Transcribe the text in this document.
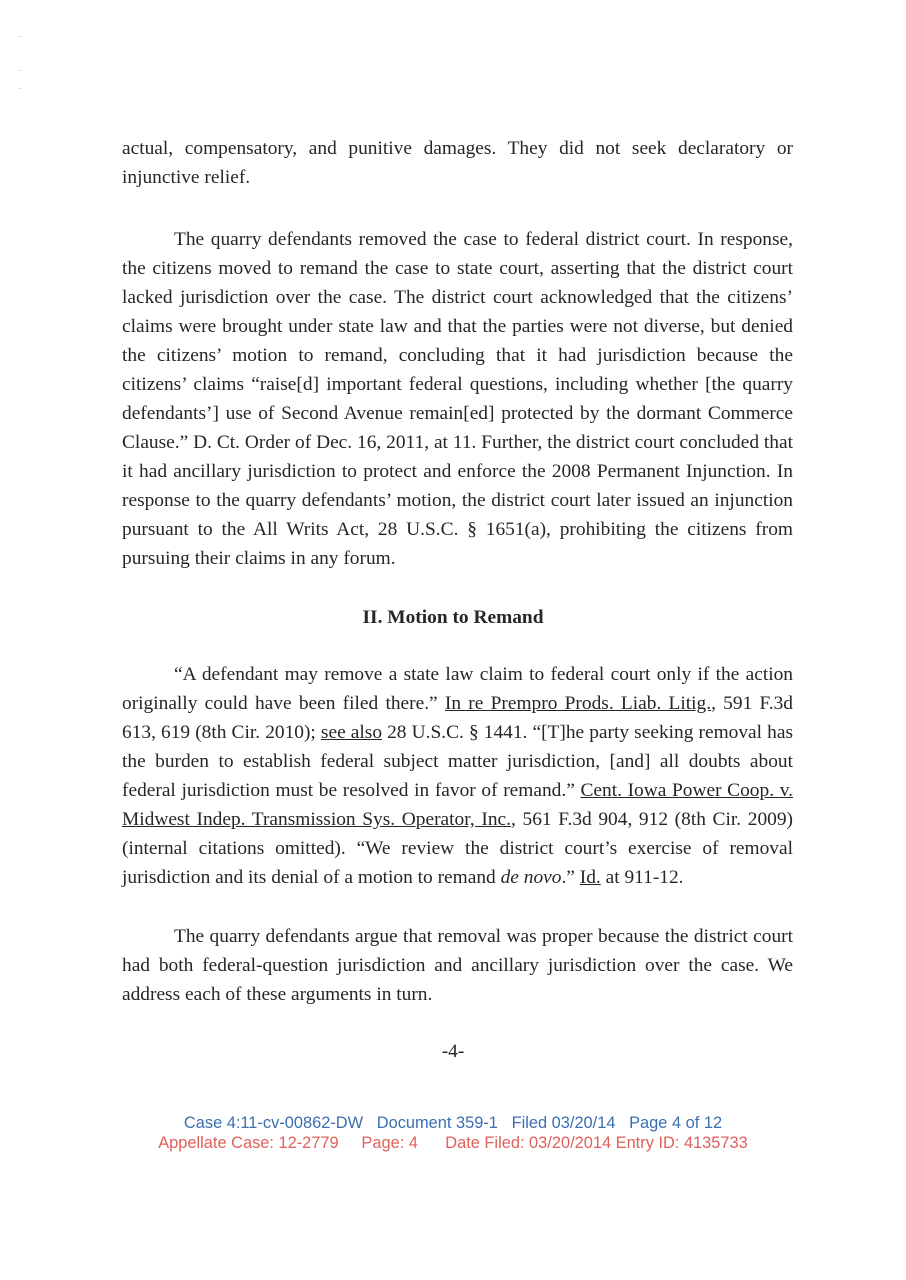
actual, compensatory, and punitive damages. They did not seek declaratory or injunctive relief.

The quarry defendants removed the case to federal district court. In response, the citizens moved to remand the case to state court, asserting that the district court lacked jurisdiction over the case. The district court acknowledged that the citizens’ claims were brought under state law and that the parties were not diverse, but denied the citizens’ motion to remand, concluding that it had jurisdiction because the citizens’ claims “raise[d] important federal questions, including whether [the quarry defendants’] use of Second Avenue remain[ed] protected by the dormant Commerce Clause.” D. Ct. Order of Dec. 16, 2011, at 11. Further, the district court concluded that it had ancillary jurisdiction to protect and enforce the 2008 Permanent Injunction. In response to the quarry defendants’ motion, the district court later issued an injunction pursuant to the All Writs Act, 28 U.S.C. § 1651(a), prohibiting the citizens from pursuing their claims in any forum.

II. Motion to Remand

“A defendant may remove a state law claim to federal court only if the action originally could have been filed there.” In re Prempro Prods. Liab. Litig., 591 F.3d 613, 619 (8th Cir. 2010); see also 28 U.S.C. § 1441. “[T]he party seeking removal has the burden to establish federal subject matter jurisdiction, [and] all doubts about federal jurisdiction must be resolved in favor of remand.” Cent. Iowa Power Coop. v. Midwest Indep. Transmission Sys. Operator, Inc., 561 F.3d 904, 912 (8th Cir. 2009) (internal citations omitted). “We review the district court’s exercise of removal jurisdiction and its denial of a motion to remand de novo.” Id. at 911-12.

The quarry defendants argue that removal was proper because the district court had both federal-question jurisdiction and ancillary jurisdiction over the case. We address each of these arguments in turn.

-4-
Case 4:11-cv-00862-DW   Document 359-1   Filed 03/20/14   Page 4 of 12
Appellate Case: 12-2779     Page: 4      Date Filed: 03/20/2014 Entry ID: 4135733
